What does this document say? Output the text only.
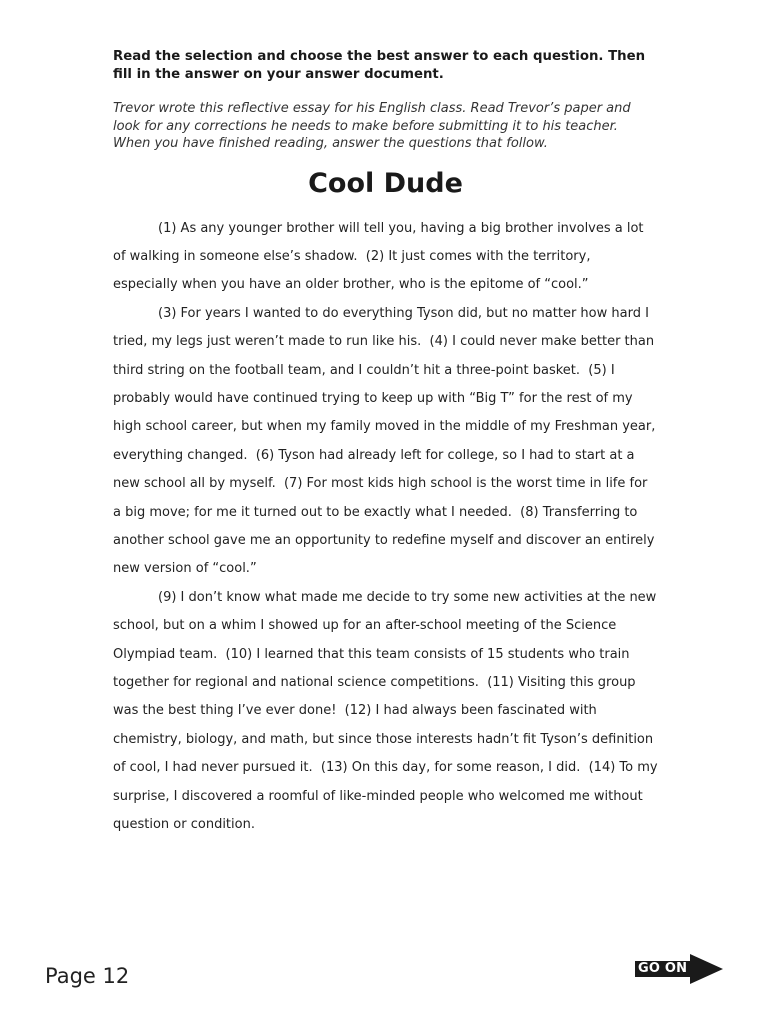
Read the selection and choose the best answer to each question. Then fill in the answer on your answer document.

Trevor wrote this reflective essay for his English class. Read Trevor’s paper and look for any corrections he needs to make before submitting it to his teacher. When you have finished reading, answer the questions that follow.

Cool Dude

(1) As any younger brother will tell you, having a big brother involves a lot of walking in someone else’s shadow.  (2) It just comes with the territory, especially when you have an older brother, who is the epitome of “cool.”

(3) For years I wanted to do everything Tyson did, but no matter how hard I tried, my legs just weren’t made to run like his.  (4) I could never make better than third string on the football team, and I couldn’t hit a three-point basket.  (5) I probably would have continued trying to keep up with “Big T” for the rest of my high school career, but when my family moved in the middle of my Freshman year, everything changed.  (6) Tyson had already left for college, so I had to start at a new school all by myself.  (7) For most kids high school is the worst time in life for a big move; for me it turned out to be exactly what I needed.  (8) Transferring to another school gave me an opportunity to redefine myself and discover an entirely new version of “cool.”

(9) I don’t know what made me decide to try some new activities at the new school, but on a whim I showed up for an after-school meeting of the Science Olympiad team.  (10) I learned that this team consists of 15 students who train together for regional and national science competitions.  (11) Visiting this group was the best thing I’ve ever done!  (12) I had always been fascinated with chemistry, biology, and math, but since those interests hadn’t fit Tyson’s definition of cool, I had never pursued it.  (13) On this day, for some reason, I did.  (14) To my surprise, I discovered a roomful of like-minded people who welcomed me without question or condition.

Page 12	GO ON
